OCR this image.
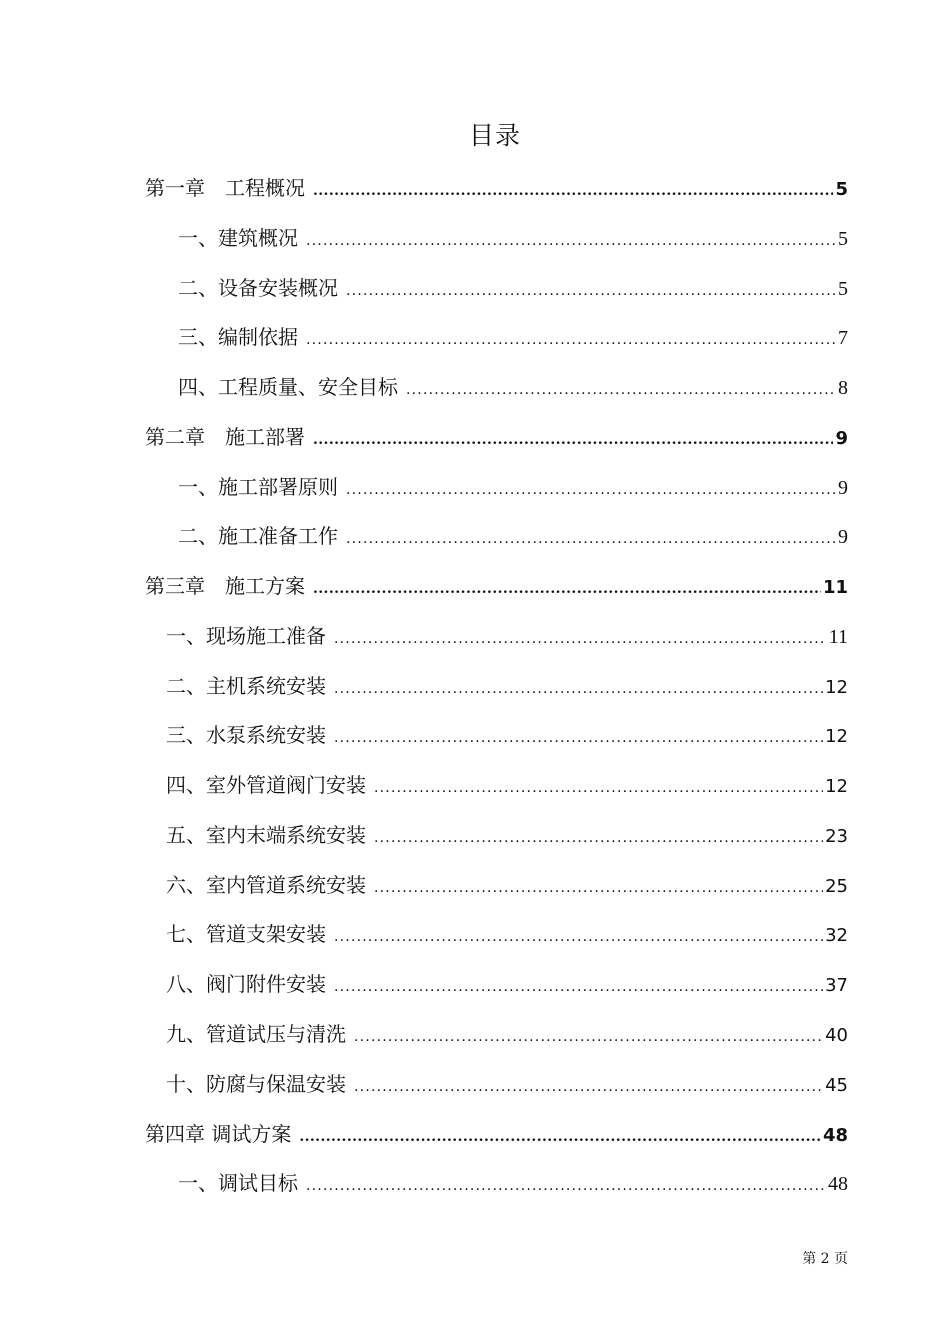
目录
第一章　工程概况 .....	5
一、建筑概况 .....	5
二、设备安装概况 .....	5
三、编制依据 .....	7
四、工程质量、安全目标 .....	8
第二章　施工部署 .....	9
一、施工部署原则 .....	9
二、施工准备工作 .....	9
第三章　施工方案 .....	11
一、现场施工准备 .....	11
二、主机系统安装 .....	12
三、水泵系统安装 .....	12
四、室外管道阀门安装 .....	12
五、室内末端系统安装 .....	23
六、室内管道系统安装 .....	25
七、管道支架安装 .....	32
八、阀门附件安装 .....	37
九、管道试压与清洗 .....	40
十、防腐与保温安装 .....	45
第四章 调试方案 .....	48
一、调试目标 .....	48
第 2 页
